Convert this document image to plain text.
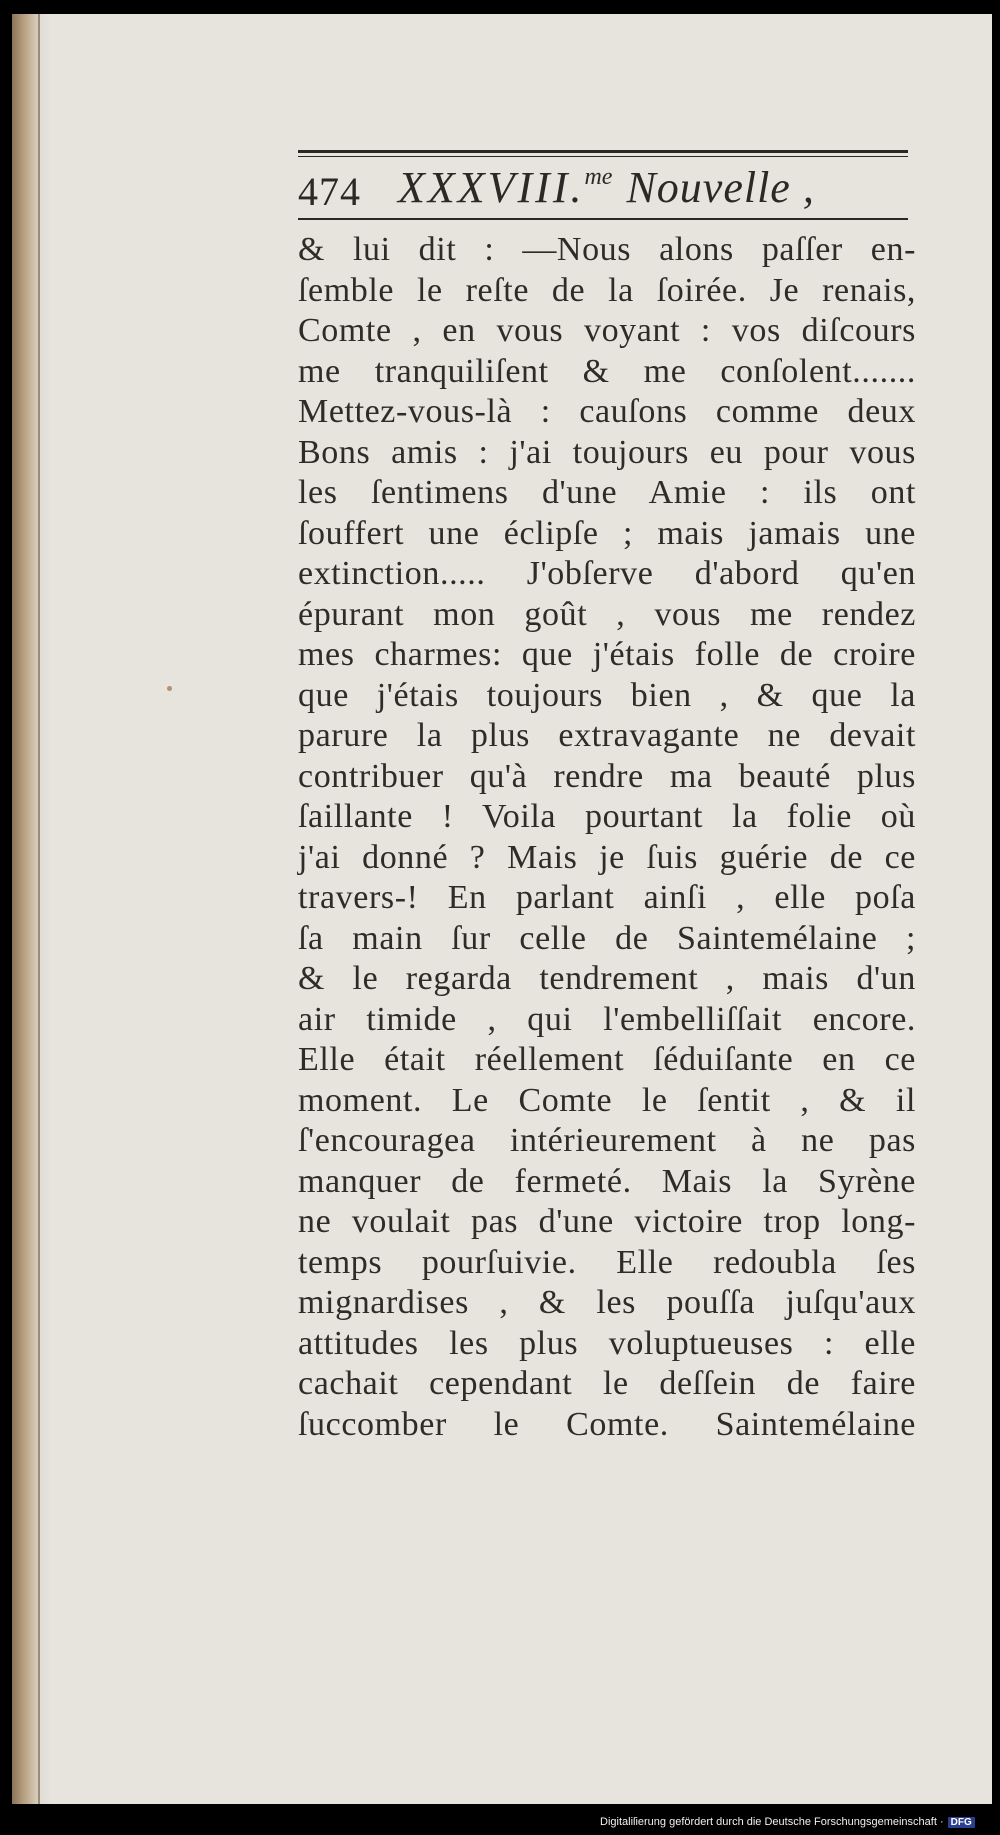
474 XXXVIII.$^{me}$ Nouvelle ,
& lui dit : —Nous alons paſſer en-
ſemble le reſte de la ſoirée. Je renais,
Comte , en vous voyant : vos diſcours
me tranquiliſent & me conſolent.......
Mettez-vous-là : cauſons comme deux
Bons amis : j'ai toujours eu pour vous
les ſentimens d'une Amie : ils ont
ſouffert une éclipſe ; mais jamais une
extinction..... J'obſerve d'abord qu'en
épurant mon goût , vous me rendez
mes charmes: que j'étais folle de croire
que j'étais toujours bien , & que la
parure la plus extravagante ne devait
contribuer qu'à rendre ma beauté plus
ſaillante ! Voila pourtant la folie où
j'ai donné ? Mais je ſuis guérie de ce
travers-! En parlant ainſi , elle poſa
ſa main ſur celle de Saintemélaine ;
& le regarda tendrement , mais d'un
air timide , qui l'embelliſſait encore.
Elle était réellement ſéduiſante en ce
moment. Le Comte le ſentit , & il
ſ'encouragea intérieurement à ne pas
manquer de fermeté. Mais la Syrène
ne voulait pas d'une victoire trop long-
temps pourſuivie. Elle redoubla ſes
mignardises , & les pouſſa juſqu'aux
attitudes les plus voluptueuses : elle
cachait cependant le deſſein de faire
ſuccomber le Comte. Saintemélaine
Digitaliſierung gefördert durch die Deutsche Forschungsgemeinschaft · DFG
